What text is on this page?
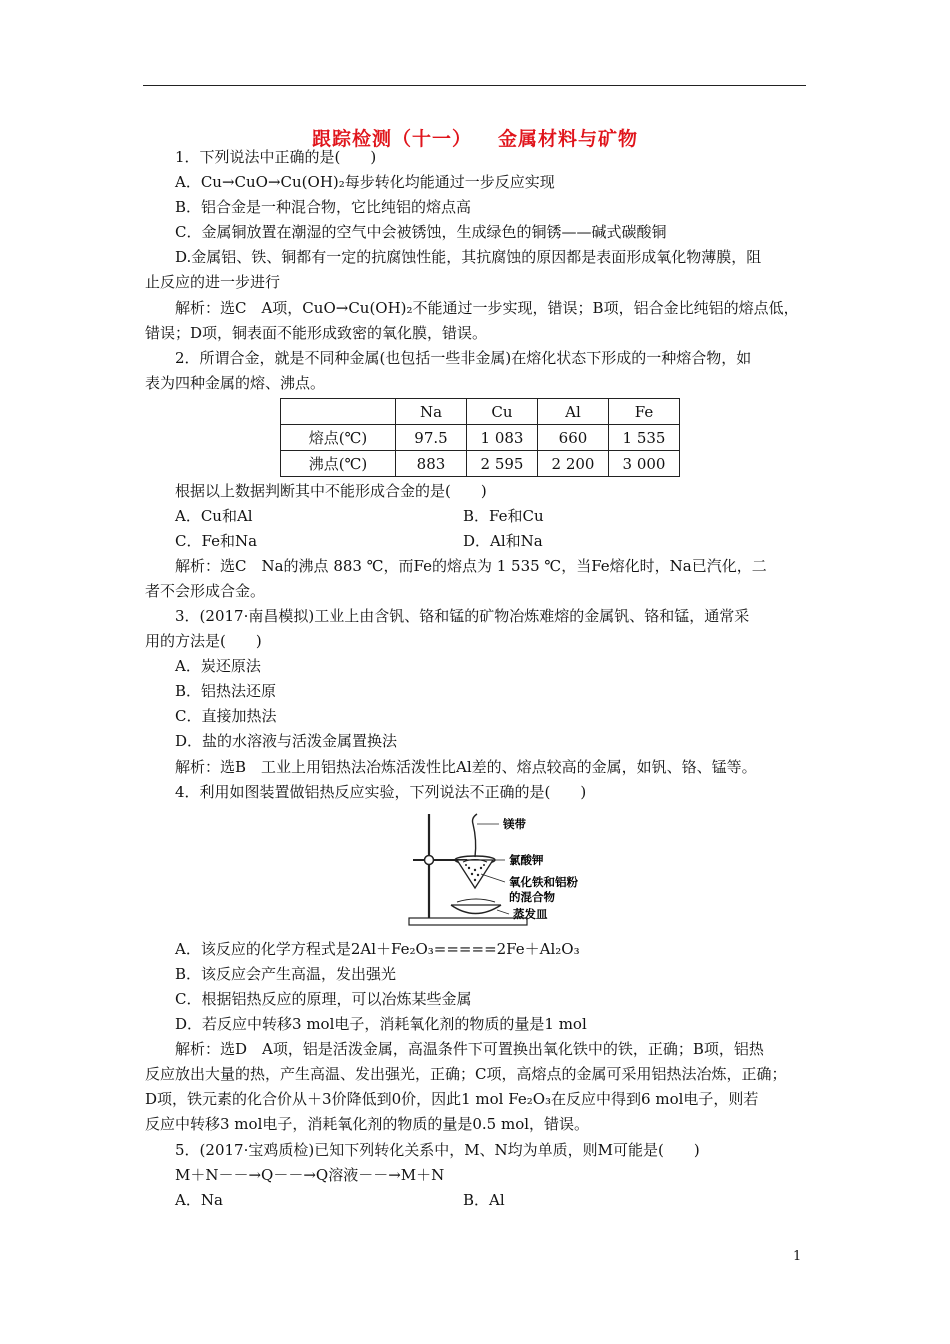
跟踪检测（十一） 金属材料与矿物
1．下列说法中正确的是(　　)
A．Cu→CuO→Cu(OH)₂每步转化均能通过一步反应实现
B．铝合金是一种混合物，它比纯铝的熔点高
C．金属铜放置在潮湿的空气中会被锈蚀，生成绿色的铜锈——碱式碳酸铜
D.金属铝、铁、铜都有一定的抗腐蚀性能，其抗腐蚀的原因都是表面形成氧化物薄膜，阻
止反应的进一步进行
解析：选C　A项，CuO→Cu(OH)₂不能通过一步实现，错误；B项，铝合金比纯铝的熔点低，
错误；D项，铜表面不能形成致密的氧化膜，错误。
2．所谓合金，就是不同种金属(也包括一些非金属)在熔化状态下形成的一种熔合物，如
表为四种金属的熔、沸点。
	Na	Cu	Al	Fe
熔点(℃)	97.5	1 083	660	1 535
沸点(℃)	883	2 595	2 200	3 000
根据以上数据判断其中不能形成合金的是(　　)
A．Cu和Al	B．Fe和Cu
C．Fe和Na	D．Al和Na
解析：选C　Na的沸点 883 ℃，而Fe的熔点为 1 535 ℃，当Fe熔化时，Na已汽化，二
者不会形成合金。
3．(2017·南昌模拟)工业上由含钒、铬和锰的矿物冶炼难熔的金属钒、铬和锰，通常采
用的方法是(　　)
A．炭还原法
B．铝热法还原
C．直接加热法
D．盐的水溶液与活泼金属置换法
解析：选B　工业上用铝热法冶炼活泼性比Al差的、熔点较高的金属，如钒、铬、锰等。
4．利用如图装置做铝热反应实验，下列说法不正确的是(　　)
镁带
氯酸钾
氧化铁和铝粉
的混合物
蒸发皿
A．该反应的化学方程式是2Al＋Fe₂O₃=====2Fe＋Al₂O₃
B．该反应会产生高温，发出强光
C．根据铝热反应的原理，可以冶炼某些金属
D．若反应中转移3 mol电子，消耗氧化剂的物质的量是1 mol
解析：选D　A项，铝是活泼金属，高温条件下可置换出氧化铁中的铁，正确；B项，铝热
反应放出大量的热，产生高温、发出强光，正确；C项，高熔点的金属可采用铝热法冶炼，正确；
D项，铁元素的化合价从＋3价降低到0价，因此1 mol Fe₂O₃在反应中得到6 mol电子，则若
反应中转移3 mol电子，消耗氧化剂的物质的量是0.5 mol，错误。
5．(2017·宝鸡质检)已知下列转化关系中，M、N均为单质，则M可能是(　　)
M＋N－－→Q－－→Q溶液－－→M＋N
A．Na	B．Al
1
